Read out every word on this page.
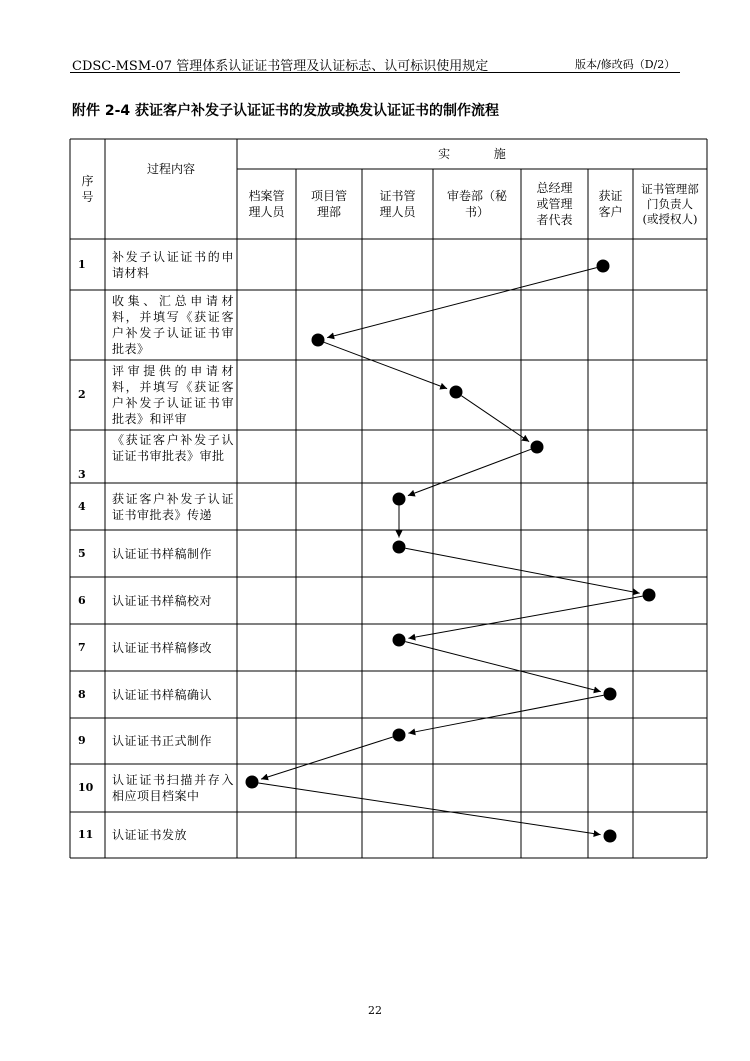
CDSC-MSM-07 管理体系认证证书管理及认证标志、认可标识使用规定	版本/修改码（D/2）
附件 2-4 获证客户补发子认证证书的发放或换发认证证书的制作流程
序
号
过程内容
实  施
档案管
理人员
项目管
理部
证书管
理人员
审卷部（秘
书）
总经理
或管理
者代表
获证
客户
证书管理部
门负责人
(或授权人)
1
补发子认证证书的申请材料
收集、汇总申请材料，并填写《获证客户补发子认证证书审批表》
2
评审提供的申请材料，并填写《获证客户补发子认证证书审批表》和评审
3
《获证客户补发子认证证书审批表》审批
4
获证客户补发子认证证书审批表》传递
5 认证证书样稿制作
6 认证证书样稿校对
7 认证证书样稿修改
8 认证证书样稿确认
9 认证证书正式制作
10
认证证书扫描并存入相应项目档案中
11 认证证书发放
22
